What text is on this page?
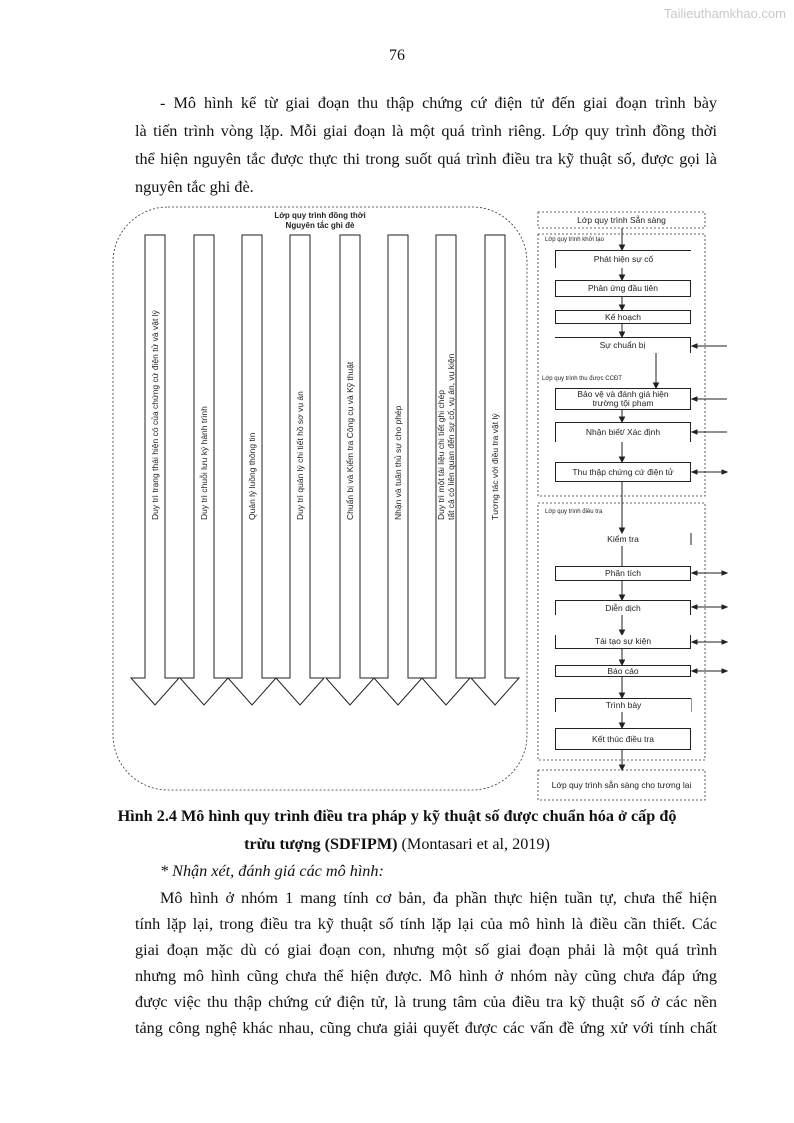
Tailieuthamkhao.com
76
- Mô hình kể từ giai đoạn thu thập chứng cứ điện tử đến giai đoạn trình bày
là tiến trình vòng lặp. Mỗi giai đoạn là một quá trình riêng. Lớp quy trình đồng thời
thể hiện nguyên tắc được thực thi trong suốt quá trình điều tra kỹ thuật số, được gọi là
nguyên tắc ghi đè.
Lớp quy trình đồng thời
Nguyên tắc ghi đè
Duy trì trạng thái hiện có của chứng cứ điện tử và vật lý	Duy trì chuỗi lưu ký hành trình	Quản lý luồng thông tin	Duy trì quản lý chi tiết hồ sơ vụ án	Chuẩn bị và Kiểm tra Công cụ và Kỹ thuật	Nhận và tuân thủ sự cho phép	Duy trì một tài liệu chi tiết ghi chép tất cả có liên quan đến sự cố, vụ án, vụ kiện	Tương tác với điều tra vật lý
Lớp quy trình Sẵn sàng
Lớp quy trình khởi tạo
Phát hiện sự cố
Phản ứng đầu tiên
Kế hoạch
Sự chuẩn bị
Lớp quy trình thu được CCĐT
Bảo vệ và đánh giá hiện trường tội phạm
Nhận biết/ Xác định
Thu thập chứng cứ điện tử
Lớp quy trình điều tra
Kiểm tra
Phân tích
Diễn dịch
Tái tạo sự kiện
Báo cáo
Trình bày
Kết thúc điều tra
Lớp quy trình sẵn sàng cho tương lai
Hình 2.4 Mô hình quy trình điều tra pháp y kỹ thuật số được chuẩn hóa ở cấp độ
trừu tượng (SDFIPM) (Montasari et al, 2019)
* Nhận xét, đánh giá các mô hình:
Mô hình ở nhóm 1 mang tính cơ bản, đa phần thực hiện tuần tự, chưa thể hiện
tính lặp lại, trong điều tra kỹ thuật số tính lặp lại của mô hình là điều cần thiết. Các
giai đoạn mặc dù có giai đoạn con, nhưng một số giai đoạn phải là một quá trình
nhưng mô hình cũng chưa thể hiện được. Mô hình ở nhóm này cũng chưa đáp ứng
được việc thu thập chứng cứ điện tử, là trung tâm của điều tra kỹ thuật số ở các nền
tảng công nghệ khác nhau, cũng chưa giải quyết được các vấn đề ứng xử với tính chất
